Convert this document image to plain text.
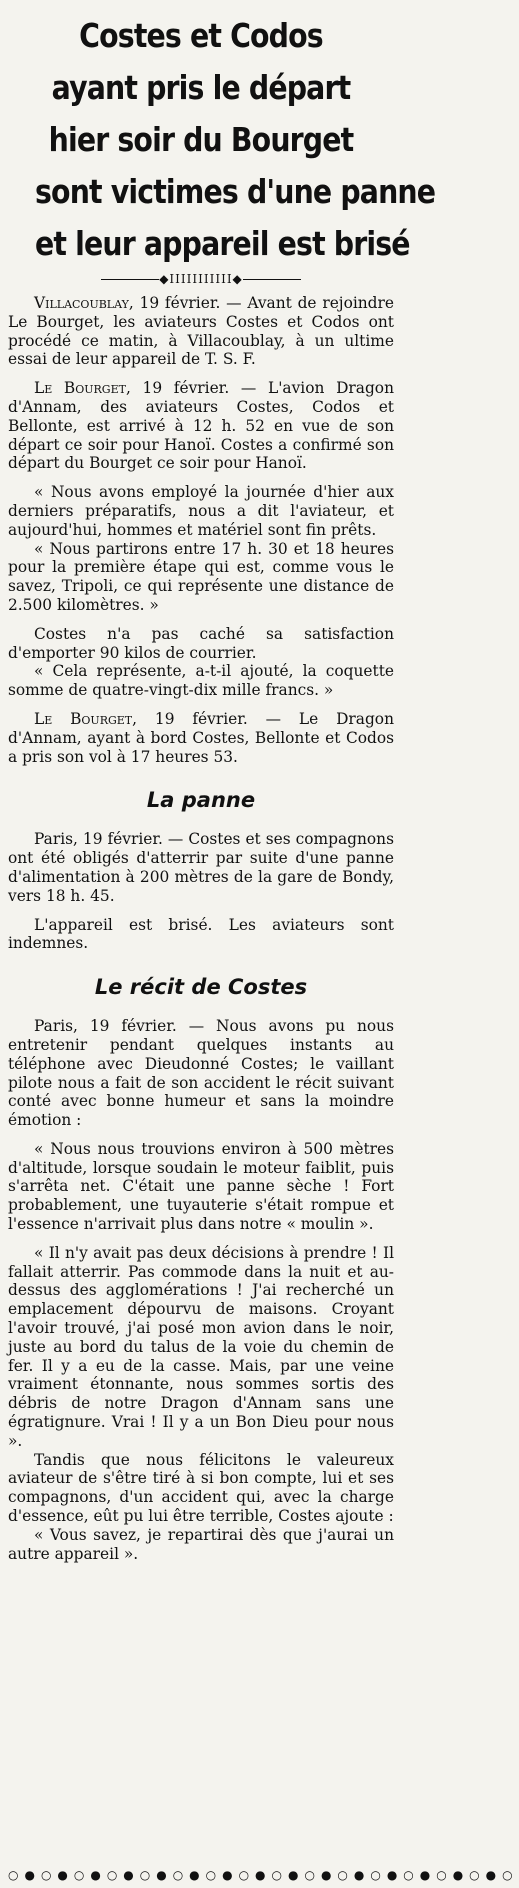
Costes et Codos
ayant pris le départ
hier soir du Bourget
sont victimes d'une panne
et leur appareil est brisé
◆IIIIIIIIIII◆

Villacoublay, 19 février. — Avant de rejoindre Le Bourget, les aviateurs Costes et Codos ont procédé ce matin, à Villacoublay, à un ultime essai de leur appareil de T. S. F.

Le Bourget, 19 février. — L'avion Dragon d'Annam, des aviateurs Costes, Codos et Bellonte, est arrivé à 12 h. 52 en vue de son départ ce soir pour Hanoï. Costes a confirmé son départ du Bourget ce soir pour Hanoï.

« Nous avons employé la journée d'hier aux derniers préparatifs, nous a dit l'aviateur, et aujourd'hui, hommes et matériel sont fin prêts.

« Nous partirons entre 17 h. 30 et 18 heures pour la première étape qui est, comme vous le savez, Tripoli, ce qui représente une distance de 2.500 kilomètres. »

Costes n'a pas caché sa satisfaction d'emporter 90 kilos de courrier.

« Cela représente, a-t-il ajouté, la coquette somme de quatre-vingt-dix mille francs. »

Le Bourget, 19 février. — Le Dragon d'Annam, ayant à bord Costes, Bellonte et Codos a pris son vol à 17 heures 53.

La panne

Paris, 19 février. — Costes et ses compagnons ont été obligés d'atterrir par suite d'une panne d'alimentation à 200 mètres de la gare de Bondy, vers 18 h. 45.

L'appareil est brisé. Les aviateurs sont indemnes.

Le récit de Costes

Paris, 19 février. — Nous avons pu nous entretenir pendant quelques instants au téléphone avec Dieudonné Costes; le vaillant pilote nous a fait de son accident le récit suivant conté avec bonne humeur et sans la moindre émotion :

« Nous nous trouvions environ à 500 mètres d'altitude, lorsque soudain le moteur faiblit, puis s'arrêta net. C'était une panne sèche ! Fort probablement, une tuyauterie s'était rompue et l'essence n'arrivait plus dans notre « moulin ».

« Il n'y avait pas deux décisions à prendre ! Il fallait atterrir. Pas commode dans la nuit et au-dessus des agglomérations ! J'ai recherché un emplacement dépourvu de maisons. Croyant l'avoir trouvé, j'ai posé mon avion dans le noir, juste au bord du talus de la voie du chemin de fer. Il y a eu de la casse. Mais, par une veine vraiment étonnante, nous sommes sortis des débris de notre Dragon d'Annam sans une égratignure. Vrai ! Il y a un Bon Dieu pour nous ».

Tandis que nous félicitons le valeureux aviateur de s'être tiré à si bon compte, lui et ses compagnons, d'un accident qui, avec la charge d'essence, eût pu lui être terrible, Costes ajoute :

« Vous savez, je repartirai dès que j'aurai un autre appareil ».

○●○●○●○●○●○●○●○●○●○●○●○●○●○●○●○
